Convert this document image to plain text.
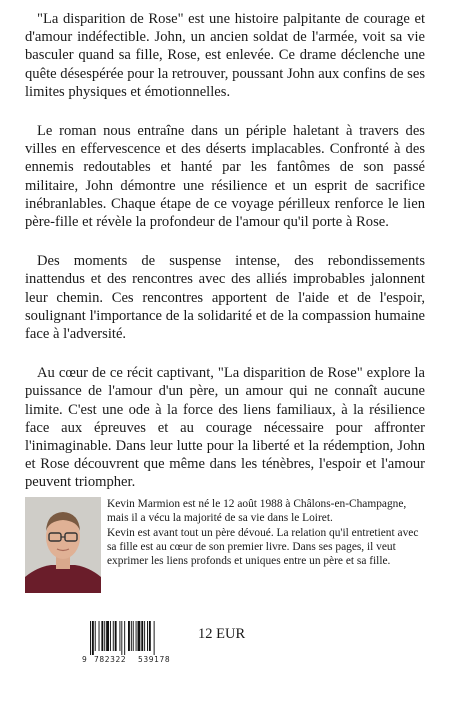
"La disparition de Rose" est une histoire palpitante de courage et d'amour indéfectible. John, un ancien soldat de l'armée, voit sa vie basculer quand sa fille, Rose, est enlevée. Ce drame déclenche une quête désespérée pour la retrouver, poussant John aux confins de ses limites physiques et émotionnelles.

Le roman nous entraîne dans un périple haletant à travers des villes en effervescence et des déserts implacables. Confronté à des ennemis redoutables et hanté par les fantômes de son passé militaire, John démontre une résilience et un esprit de sacrifice inébranlables. Chaque étape de ce voyage périlleux renforce le lien père-fille et révèle la profondeur de l'amour qu'il porte à Rose.

Des moments de suspense intense, des rebondissements inattendus et des rencontres avec des alliés improbables jalonnent leur chemin. Ces rencontres apportent de l'aide et de l'espoir, soulignant l'importance de la solidarité et de la compassion humaine face à l'adversité.

Au cœur de ce récit captivant, "La disparition de Rose" explore la puissance de l'amour d'un père, un amour qui ne connaît aucune limite. C'est une ode à la force des liens familiaux, à la résilience face aux épreuves et au courage nécessaire pour affronter l'inimaginable. Dans leur lutte pour la liberté et la rédemption, John et Rose découvrent que même dans les ténèbres, l'espoir et l'amour peuvent triompher.

Kevin Marmion est né le 12 août 1988 à Châlons-en-Champagne, mais il a vécu la majorité de sa vie dans le Loiret.

Kevin est avant tout un père dévoué. La relation qu'il entretient avec sa fille est au cœur de son premier livre. Dans ses pages, il veut exprimer les liens profonds et uniques entre un père et sa fille.

9 782322 539178
12 EUR
